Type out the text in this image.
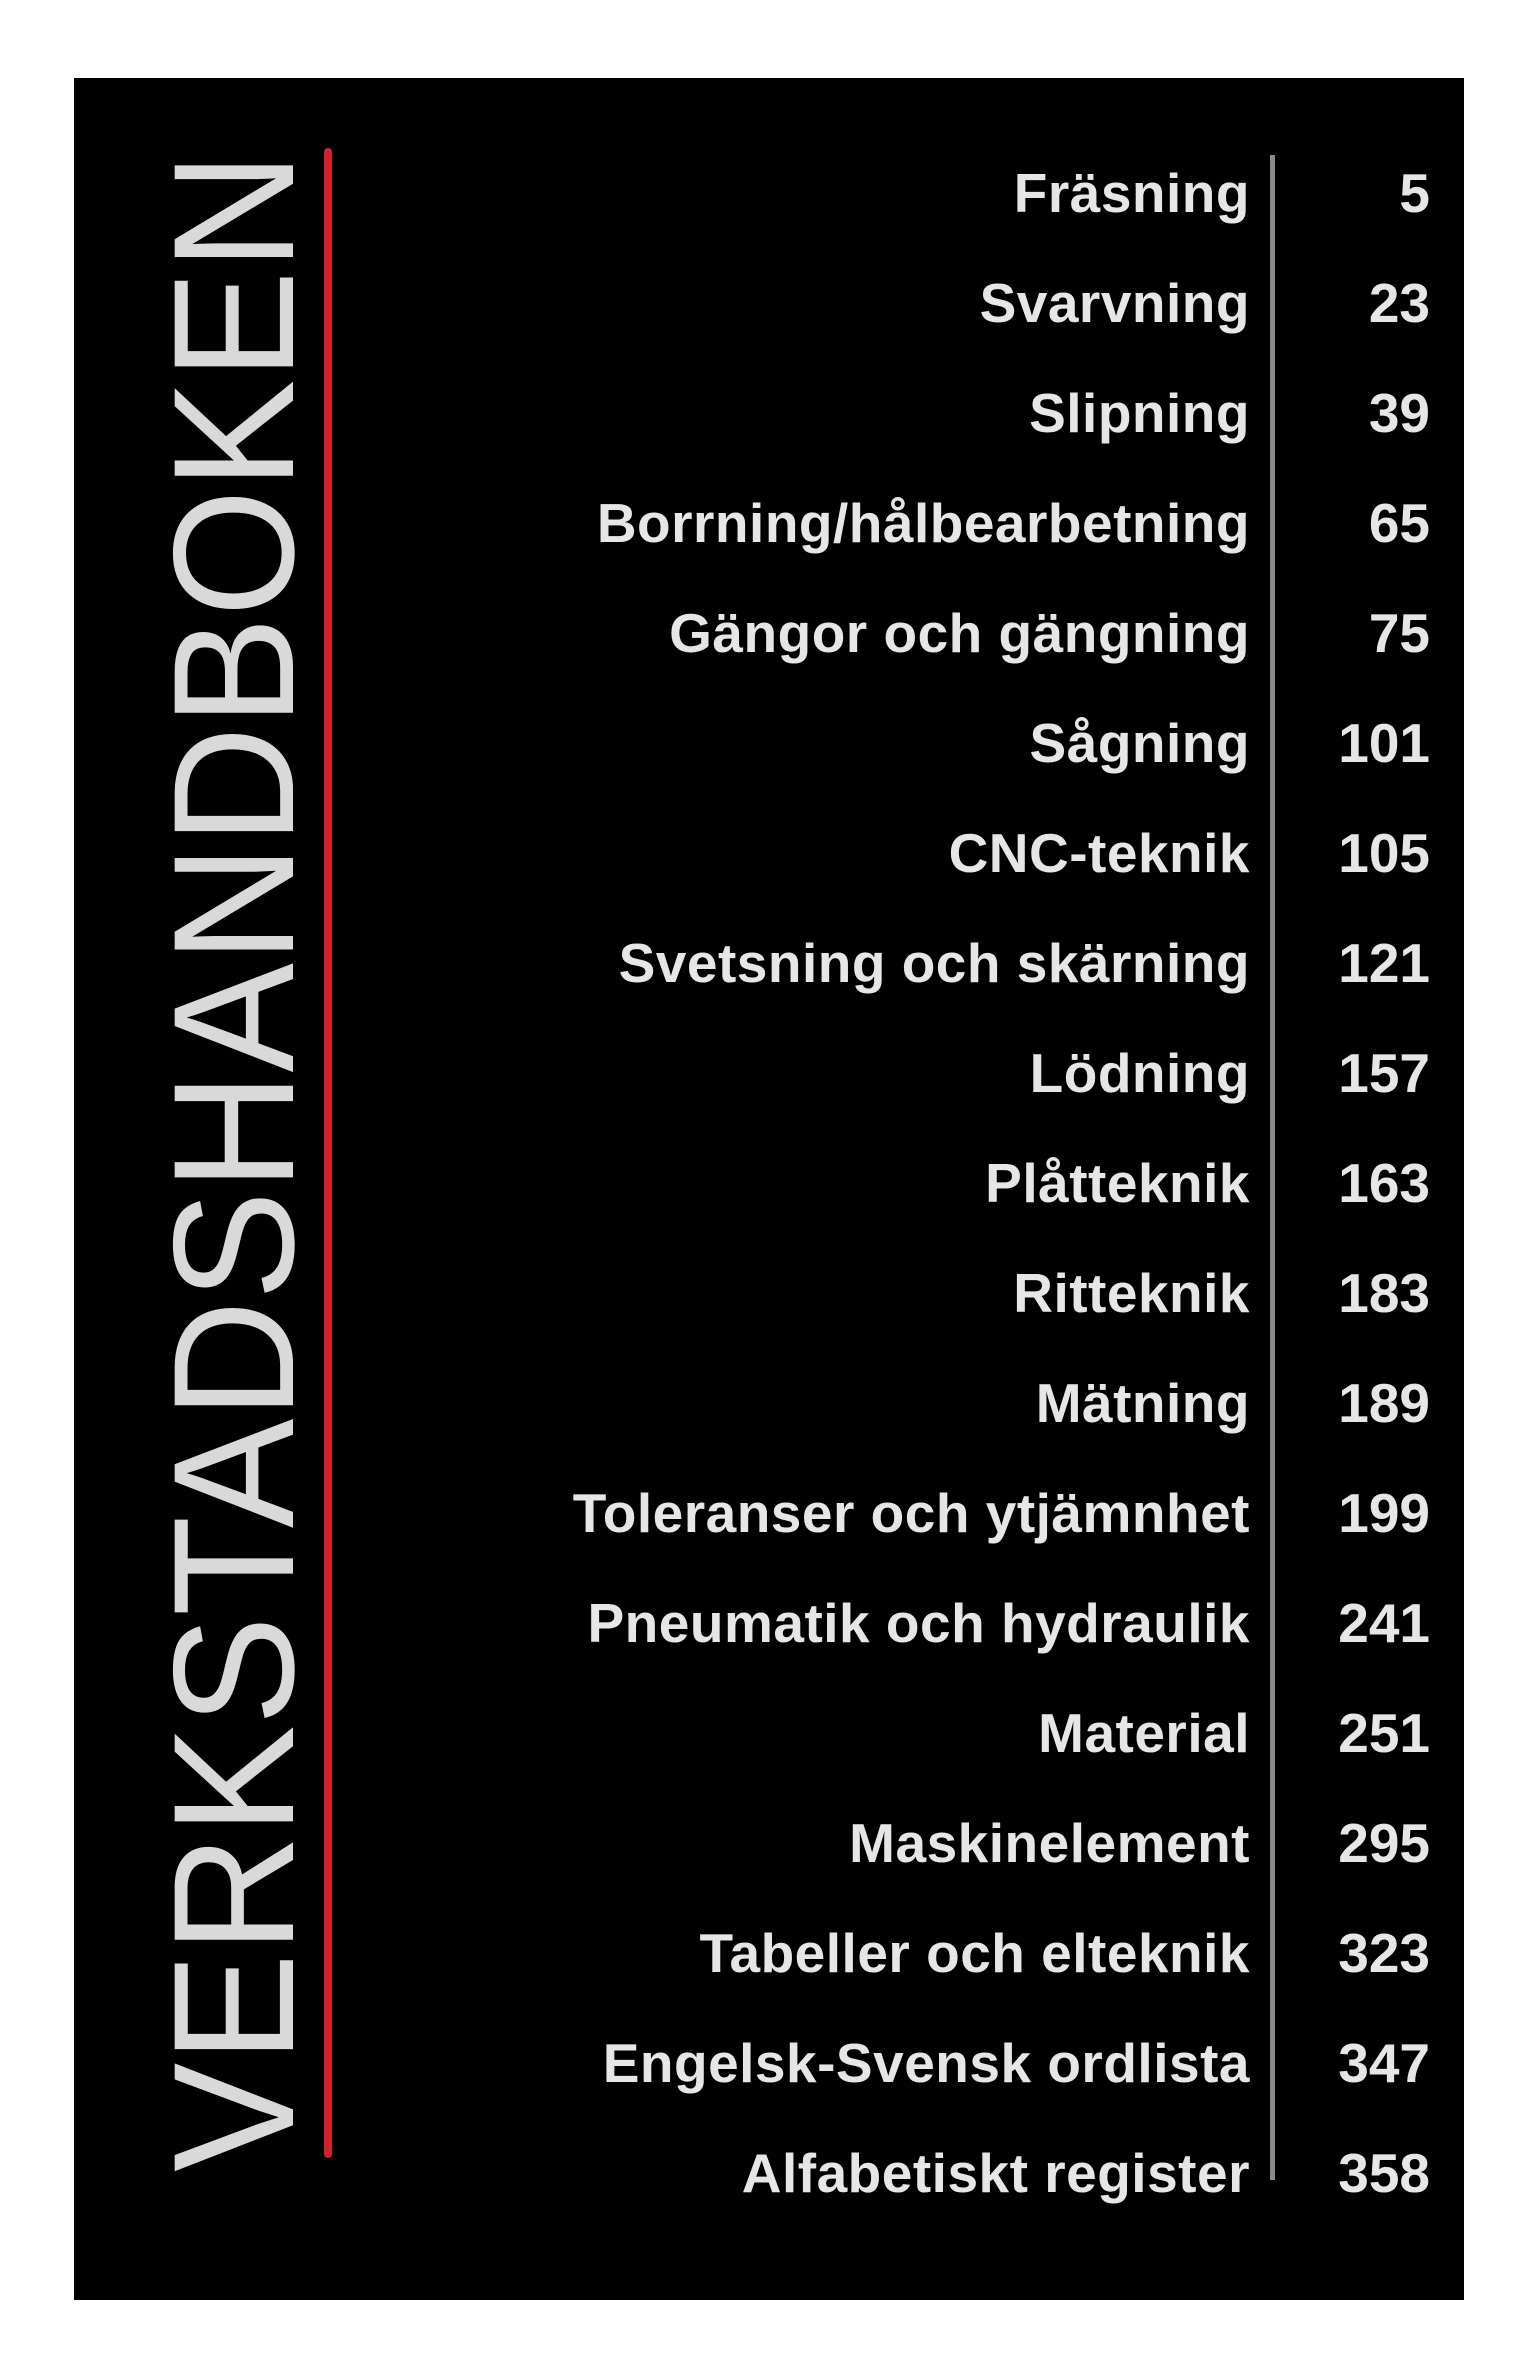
VERKSTADSHANDBOKEN	Fräsning	5
Svarvning 23
Slipning 39
Borrning/hålbearbetning 65
Gängor och gängning 75
Sågning 101
CNC-teknik 105
Svetsning och skärning 121
Lödning 157
Plåtteknik 163
Ritteknik 183
Mätning 189
Toleranser och ytjämnhet 199
Pneumatik och hydraulik 241
Material 251
Maskinelement 295
Tabeller och elteknik 323
Engelsk-Svensk ordlista 347
Alfabetiskt register 358
